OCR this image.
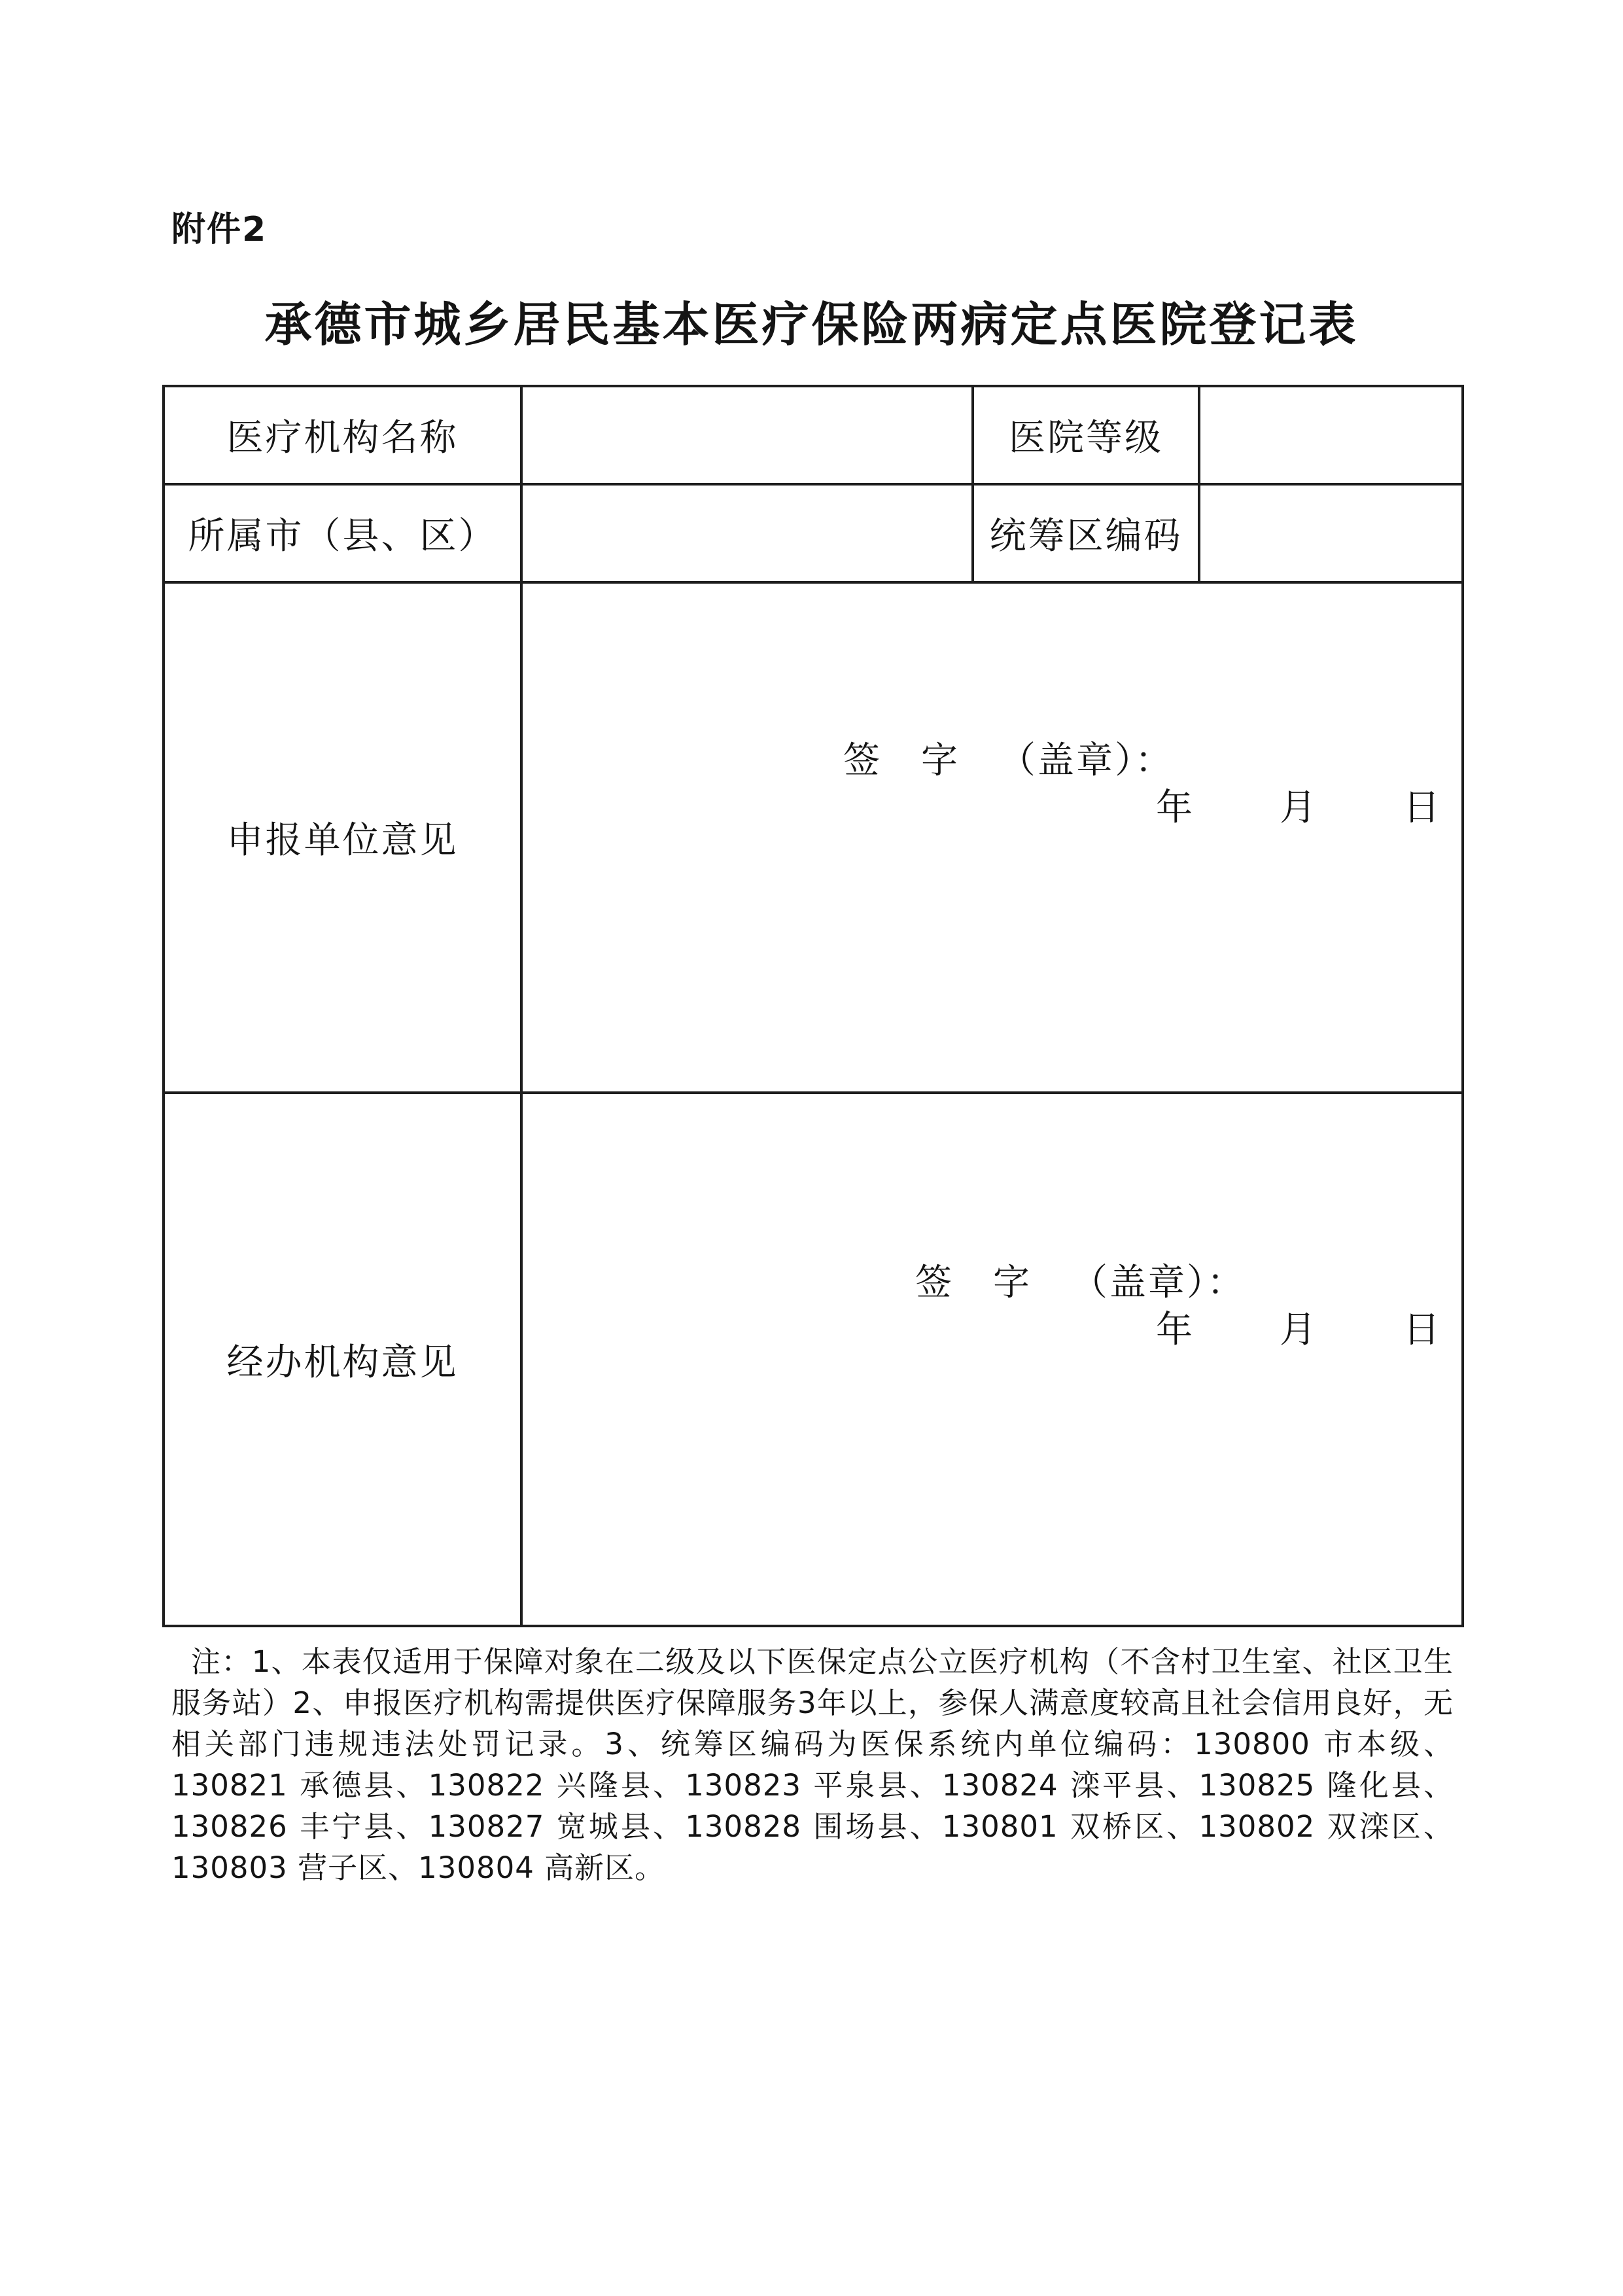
附件2
承德市城乡居民基本医疗保险两病定点医院登记表
医疗机构名称		医院等级	
所属市（县、区）		统筹区编码	
申报单位意见	签 字 （盖章）：
年 月 日		

经办机构意见	签 字 （盖章）：
年 月 日		
注：1、本表仅适用于保障对象在二级及以下医保定点公立医疗机构（不含村卫生室、社区卫生服务站）2、申报医疗机构需提供医疗保障服务3年以上，参保人满意度较高且社会信用良好，无相关部门违规违法处罚记录。3、统筹区编码为医保系统内单位编码：130800 市本级、130821 承德县、130822 兴隆县、130823 平泉县、130824 滦平县、130825 隆化县、130826 丰宁县、130827 宽城县、130828 围场县、130801 双桥区、130802 双滦区、130803 营子区、130804 高新区。
